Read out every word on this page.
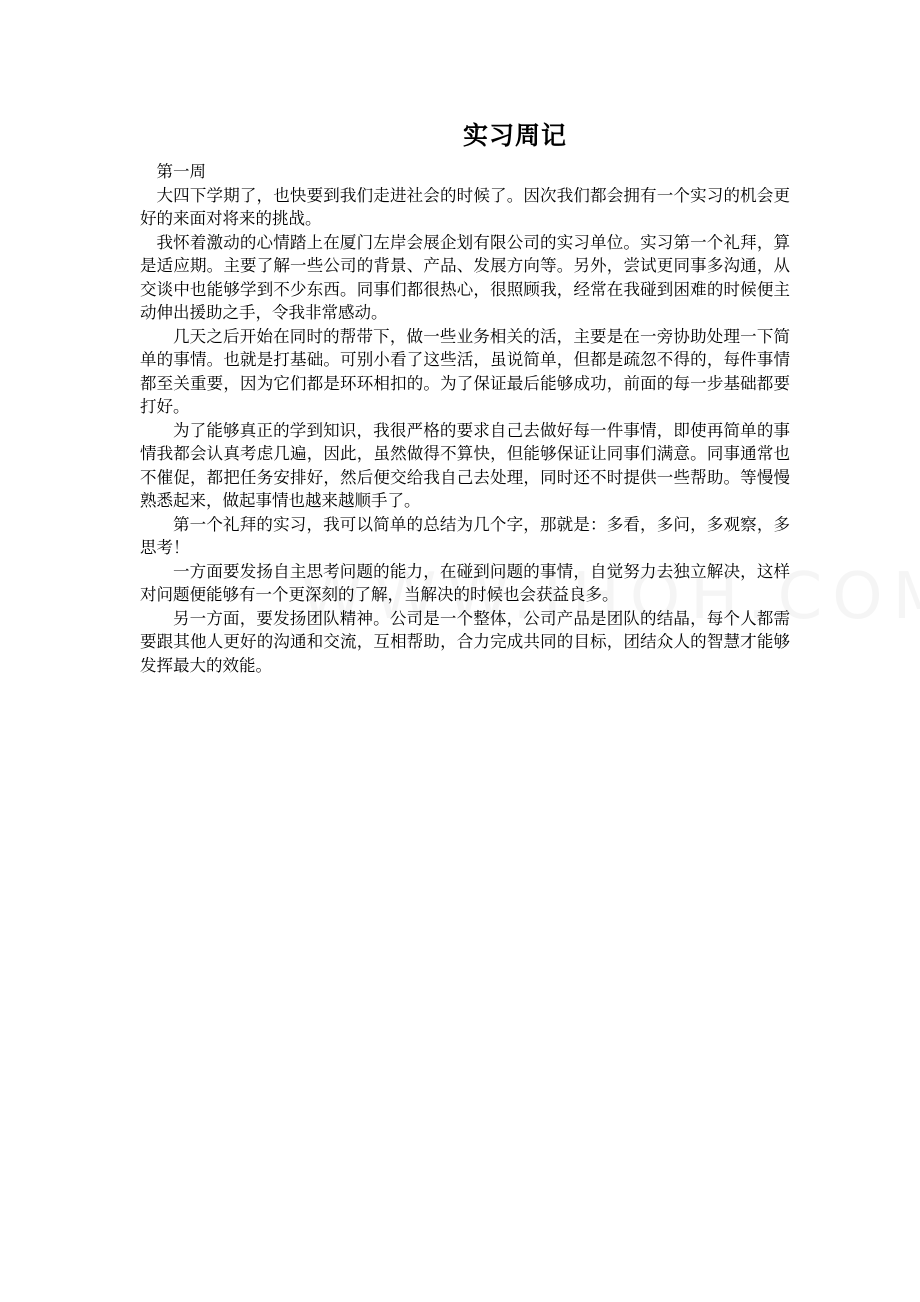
实习周记

第一周

大四下学期了，也快要到我们走进社会的时候了。因次我们都会拥有一个实习的机会更好的来面对将来的挑战。

我怀着激动的心情踏上在厦门左岸会展企划有限公司的实习单位。实习第一个礼拜，算是适应期。主要了解一些公司的背景、产品、发展方向等。另外，尝试更同事多沟通，从交谈中也能够学到不少东西。同事们都很热心，很照顾我，经常在我碰到困难的时候便主动伸出援助之手，令我非常感动。

几天之后开始在同时的帮带下，做一些业务相关的活，主要是在一旁协助处理一下简单的事情。也就是打基础。可别小看了这些活，虽说简单，但都是疏忽不得的，每件事情都至关重要，因为它们都是环环相扣的。为了保证最后能够成功，前面的每一步基础都要打好。

为了能够真正的学到知识，我很严格的要求自己去做好每一件事情，即使再简单的事情我都会认真考虑几遍，因此，虽然做得不算快，但能够保证让同事们满意。同事通常也不催促，都把任务安排好，然后便交给我自己去处理，同时还不时提供一些帮助。等慢慢熟悉起来，做起事情也越来越顺手了。

第一个礼拜的实习，我可以简单的总结为几个字，那就是：多看，多问，多观察，多思考！

一方面要发扬自主思考问题的能力，在碰到问题的事情，自觉努力去独立解决，这样对问题便能够有一个更深刻的了解，当解决的时候也会获益良多。

另一方面，要发扬团队精神。公司是一个整体，公司产品是团队的结晶，每个人都需要跟其他人更好的沟通和交流，互相帮助，合力完成共同的目标，团结众人的智慧才能够发挥最大的效能。
